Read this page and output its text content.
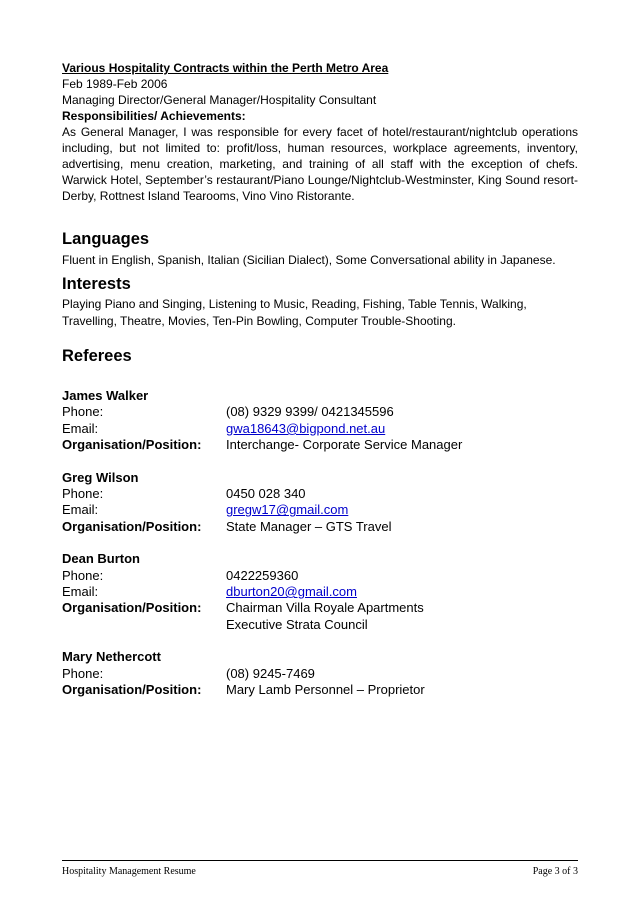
Various Hospitality Contracts within the Perth Metro Area
Feb 1989-Feb 2006
Managing Director/General Manager/Hospitality Consultant
Responsibilities/ Achievements:
As General Manager, I was responsible for every facet of hotel/restaurant/nightclub operations including, but not limited to: profit/loss, human resources, workplace agreements, inventory, advertising, menu creation, marketing, and training of all staff with the exception of chefs. Warwick Hotel, September’s restaurant/Piano Lounge/Nightclub-Westminster, King Sound resort-Derby, Rottnest Island Tearooms, Vino Vino Ristorante.
Languages
Fluent in English, Spanish, Italian (Sicilian Dialect), Some Conversational ability in Japanese.
Interests
Playing Piano and Singing, Listening to Music, Reading, Fishing, Table Tennis, Walking, Travelling, Theatre, Movies, Ten-Pin Bowling, Computer Trouble-Shooting.
Referees
James Walker
Phone:	(08) 9329 9399/ 0421345596
Email:	gwa18643@bigpond.net.au
Organisation/Position:	Interchange- Corporate Service Manager
Greg Wilson
Phone:	0450 028 340
Email:	gregw17@gmail.com
Organisation/Position:	State Manager – GTS Travel
Dean Burton
Phone:	0422259360
Email:	dburton20@gmail.com
Organisation/Position:	Chairman Villa Royale Apartments
Executive Strata Council
Mary Nethercott
Phone:	(08) 9245-7469
Organisation/Position:	Mary Lamb Personnel – Proprietor
Hospitality Management Resume	Page 3 of 3
